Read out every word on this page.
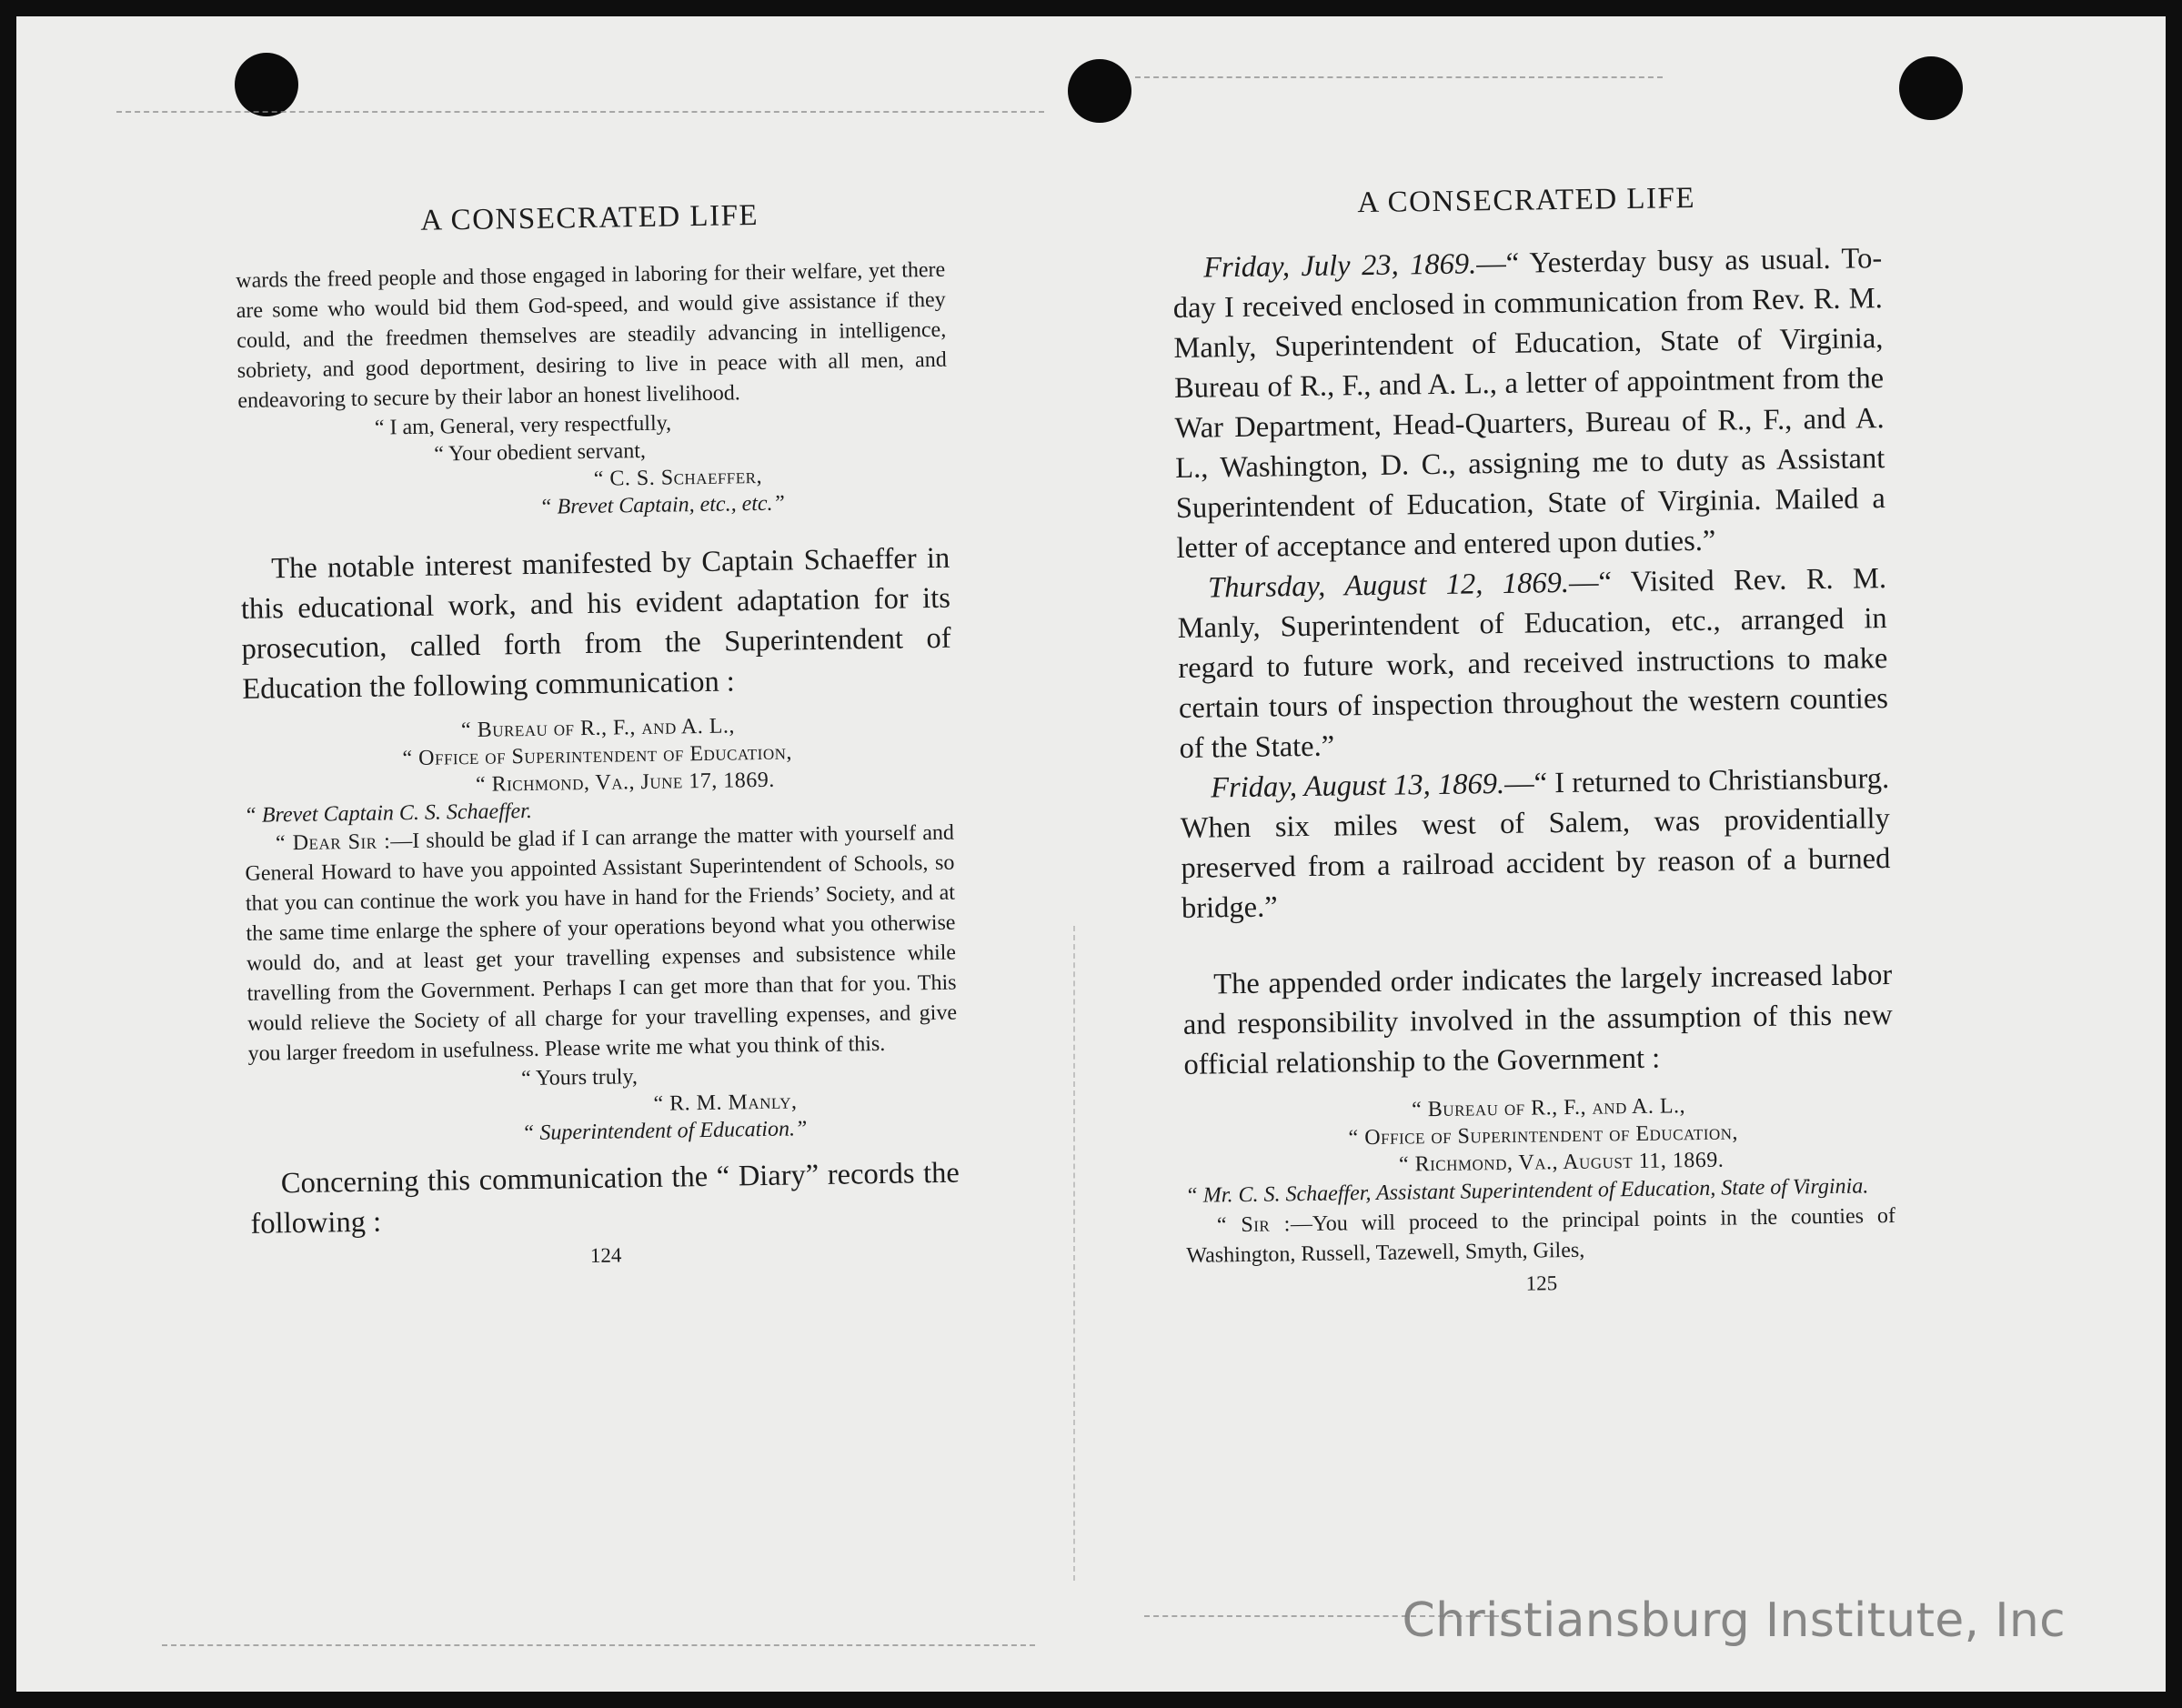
A CONSECRATED LIFE

wards the freed people and those engaged in laboring for their welfare, yet there are some who would bid them God-speed, and would give assistance if they could, and the freedmen themselves are steadily advancing in intelligence, sobriety, and good deportment, desiring to live in peace with all men, and endeavoring to secure by their labor an honest livelihood.

“ I am, General, very respectfully,

“ Your obedient servant,

“ C. S. Schaeffer,

“ Brevet Captain, etc., etc.”

The notable interest manifested by Captain Schaeffer in this educational work, and his evident adaptation for its prosecution, called forth from the Superintendent of Education the following communication :

“ Bureau of R., F., and A. L.,

“ Office of Superintendent of Education,

“ Richmond, Va., June 17, 1869.

“ Brevet Captain C. S. Schaeffer.

“ Dear Sir :—I should be glad if I can arrange the matter with yourself and General Howard to have you appointed Assistant Superintendent of Schools, so that you can continue the work you have in hand for the Friends’ Society, and at the same time enlarge the sphere of your operations beyond what you otherwise would do, and at least get your travelling expenses and subsistence while travelling from the Government. Perhaps I can get more than that for you. This would relieve the Society of all charge for your travelling expenses, and give you larger freedom in usefulness. Please write me what you think of this.

“ Yours truly,

“ R. M. Manly,

“ Superintendent of Education.”

Concerning this communication the “ Diary” records the following :

124
A CONSECRATED LIFE

Friday, July 23, 1869.—“ Yesterday busy as usual. To-day I received enclosed in communication from Rev. R. M. Manly, Superintendent of Education, State of Virginia, Bureau of R., F., and A. L., a letter of appointment from the War Department, Head-Quarters, Bureau of R., F., and A. L., Washington, D. C., assigning me to duty as Assistant Superintendent of Education, State of Virginia. Mailed a letter of acceptance and entered upon duties.”

Thursday, August 12, 1869.—“ Visited Rev. R. M. Manly, Superintendent of Education, etc., arranged in regard to future work, and received instructions to make certain tours of inspection throughout the western counties of the State.”

Friday, August 13, 1869.—“ I returned to Christiansburg. When six miles west of Salem, was providentially preserved from a railroad accident by reason of a burned bridge.”

The appended order indicates the largely increased labor and responsibility involved in the assumption of this new official relationship to the Government :

“ Bureau of R., F., and A. L.,

“ Office of Superintendent of Education,

“ Richmond, Va., August 11, 1869.

“ Mr. C. S. Schaeffer, Assistant Superintendent of Education, State of Virginia.

“ Sir :—You will proceed to the principal points in the counties of Washington, Russell, Tazewell, Smyth, Giles,

125
Christiansburg Institute, Inc
